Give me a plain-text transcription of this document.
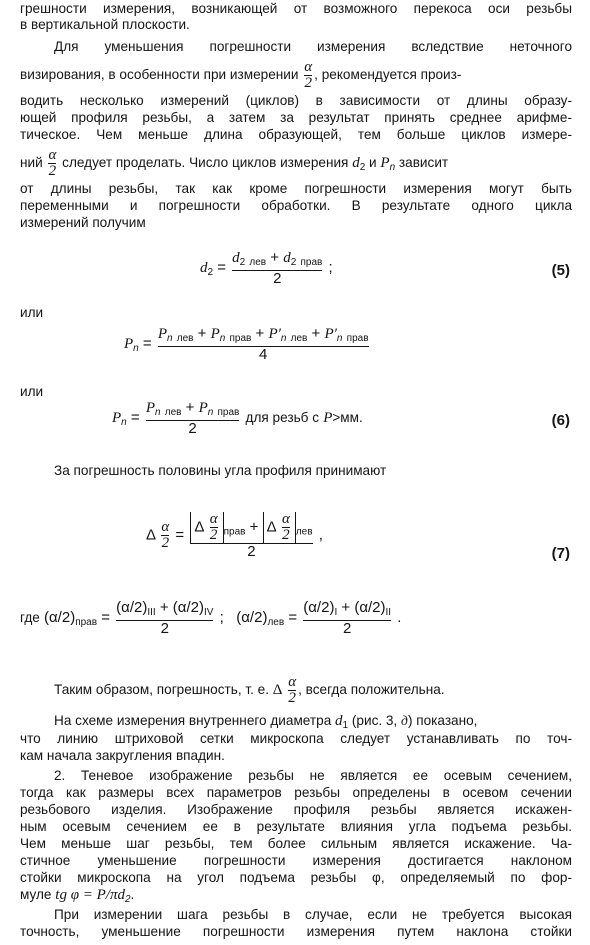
грешности измерения, возникающей от возможного перекоса оси резьбы
в вертикальной плоскости.
Для уменьшения погрешности измерения вследствие неточного
визирования, в особенности при измерении $\frac{\alpha}{2}$ , рекомендуется произ-
водить несколько измерений (циклов) в зависимости от длины образу-
ющей профиля резьбы, а затем за результат принять среднее арифме-
тическое. Чем меньше длина образующей, тем больше циклов измере-
ний $\frac{\alpha}{2}$ следует проделать. Число циклов измерения $d_2$ и $P_n$ зависит
от длины резьбы, так как кроме погрешности измерения могут быть
переменными и погрешности обработки. В результате одного цикла
измерений получим
$d_2 = \frac{d_2 _{лев} + d_2 _{прав}}{2}$ ;	(5)
или
$P_n$ =
$P_n$ $_{лев} + P_n$ $_{прав} + P'_n$ $_{лев} + P'_n$ $_{прав}$
4
или
$P_n = \frac{P_n _{лев} + P_n _{прав}}{2}$ для резьб с P>мм.	(6)
За погрешность половины угла профиля принимают
Δ $\frac{\alpha}{2} = \frac{\Delta \frac{\alpha}{2} _{прав} + \Delta \frac{\alpha}{2} _{лев}}{2}$ ,
(7)
где $(\alpha/2)_{прав} = \frac{(\alpha/2)_{III} + (\alpha/2)_{IV}}{2}$ ; $(\alpha/2)_{лев} = \frac{(\alpha/2)_I + (\alpha/2)_{II}}{2}$ .
Таким образом, погрешность, т. е. Δ $\frac{\alpha}{2}$ , всегда положительна.
На схеме измерения внутреннего диаметра $d_1$ (рис. 3, д) показано,
что линию штриховой сетки микроскопа следует устанавливать по точ-
кам начала закругления впадин.
2. Теневое изображение резьбы не является ее осевым сечением,
тогда как размеры всех параметров резьбы определены в осевом сечении
резьбового изделия. Изображение профиля резьбы является искажен-
ным осевым сечением ее в результате влияния угла подъема резьбы.
Чем меньше шаг резьбы, тем более сильным является искажение. Ча-
стичное уменьшение погрешности измерения достигается наклоном
стойки микроскопа на угол подъема резьбы φ, определяемый по фор-
муле tg $\varphi = P/\pi d_2$.
При измерении шага резьбы в случае, если не требуется высокая
точность, уменьшение погрешности измерения путем наклона стойки
